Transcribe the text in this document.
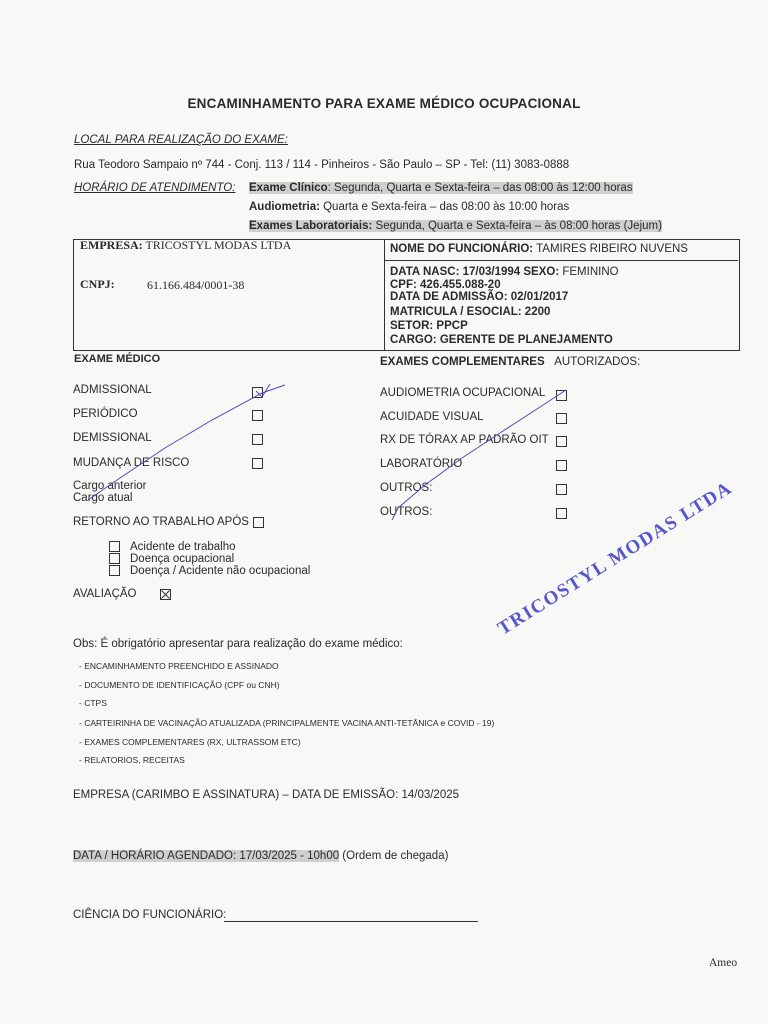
ENCAMINHAMENTO PARA EXAME MÉDICO OCUPACIONAL
LOCAL PARA REALIZAÇÃO DO EXAME:
Rua Teodoro Sampaio nº 744 - Conj. 113 / 114 - Pinheiros - São Paulo – SP - Tel: (11) 3083-0888
HORÁRIO DE ATENDIMENTO: Exame Clínico: Segunda, Quarta e Sexta-feira – das 08:00 às 12:00 horas
Audiometria: Quarta e Sexta-feira – das 08:00 às 10:00 horas
Exames Laboratoriais: Segunda, Quarta e Sexta-feira – às 08:00 horas (Jejum)
EMPRESA: TRICOSTYL MODAS LTDA
CNPJ:	61.166.484/0001-38
NOME DO FUNCIONÁRIO: TAMIRES RIBEIRO NUVENS
DATA NASC: 17/03/1994 SEXO: FEMININO
CPF: 426.455.088-20
DATA DE ADMISSÃO: 02/01/2017
MATRICULA / ESOCIAL: 2200
SETOR: PPCP
CARGO: GERENTE DE PLANEJAMENTO
EXAME MÉDICO	EXAMES COMPLEMENTARES AUTORIZADOS:
ADMISSIONAL
PERIÓDICO
DEMISSIONAL
MUDANÇA DE RISCO
Cargo anterior
Cargo atual
RETORNO AO TRABALHO APÓS
Acidente de trabalho
Doença ocupacional
Doença / Acidente não ocupacional
AVALIAÇÃO
AUDIOMETRIA OCUPACIONAL
ACUIDADE VISUAL
RX DE TÓRAX AP PADRÃO OIT
LABORATÓRIO
OUTROS:
OUTROS:	TRICOSTYL MODAS LTDA
Obs: É obrigatório apresentar para realização do exame médico:
- ENCAMINHAMENTO PREENCHIDO E ASSINADO
- DOCUMENTO DE IDENTIFICAÇÃO (CPF ou CNH)
- CTPS
- CARTEIRINHA DE VACINAÇÃO ATUALIZADA (PRINCIPALMENTE VACINA ANTI-TETÂNICA e COVID - 19)
- EXAMES COMPLEMENTARES (RX, ULTRASSOM ETC)
- RELATORIOS, RECEITAS
EMPRESA (CARIMBO E ASSINATURA) – DATA DE EMISSÃO: 14/03/2025
DATA / HORÁRIO AGENDADO: 17/03/2025 - 10h00 (Ordem de chegada)
CIÊNCIA DO FUNCIONÁRIO:
Ameo
